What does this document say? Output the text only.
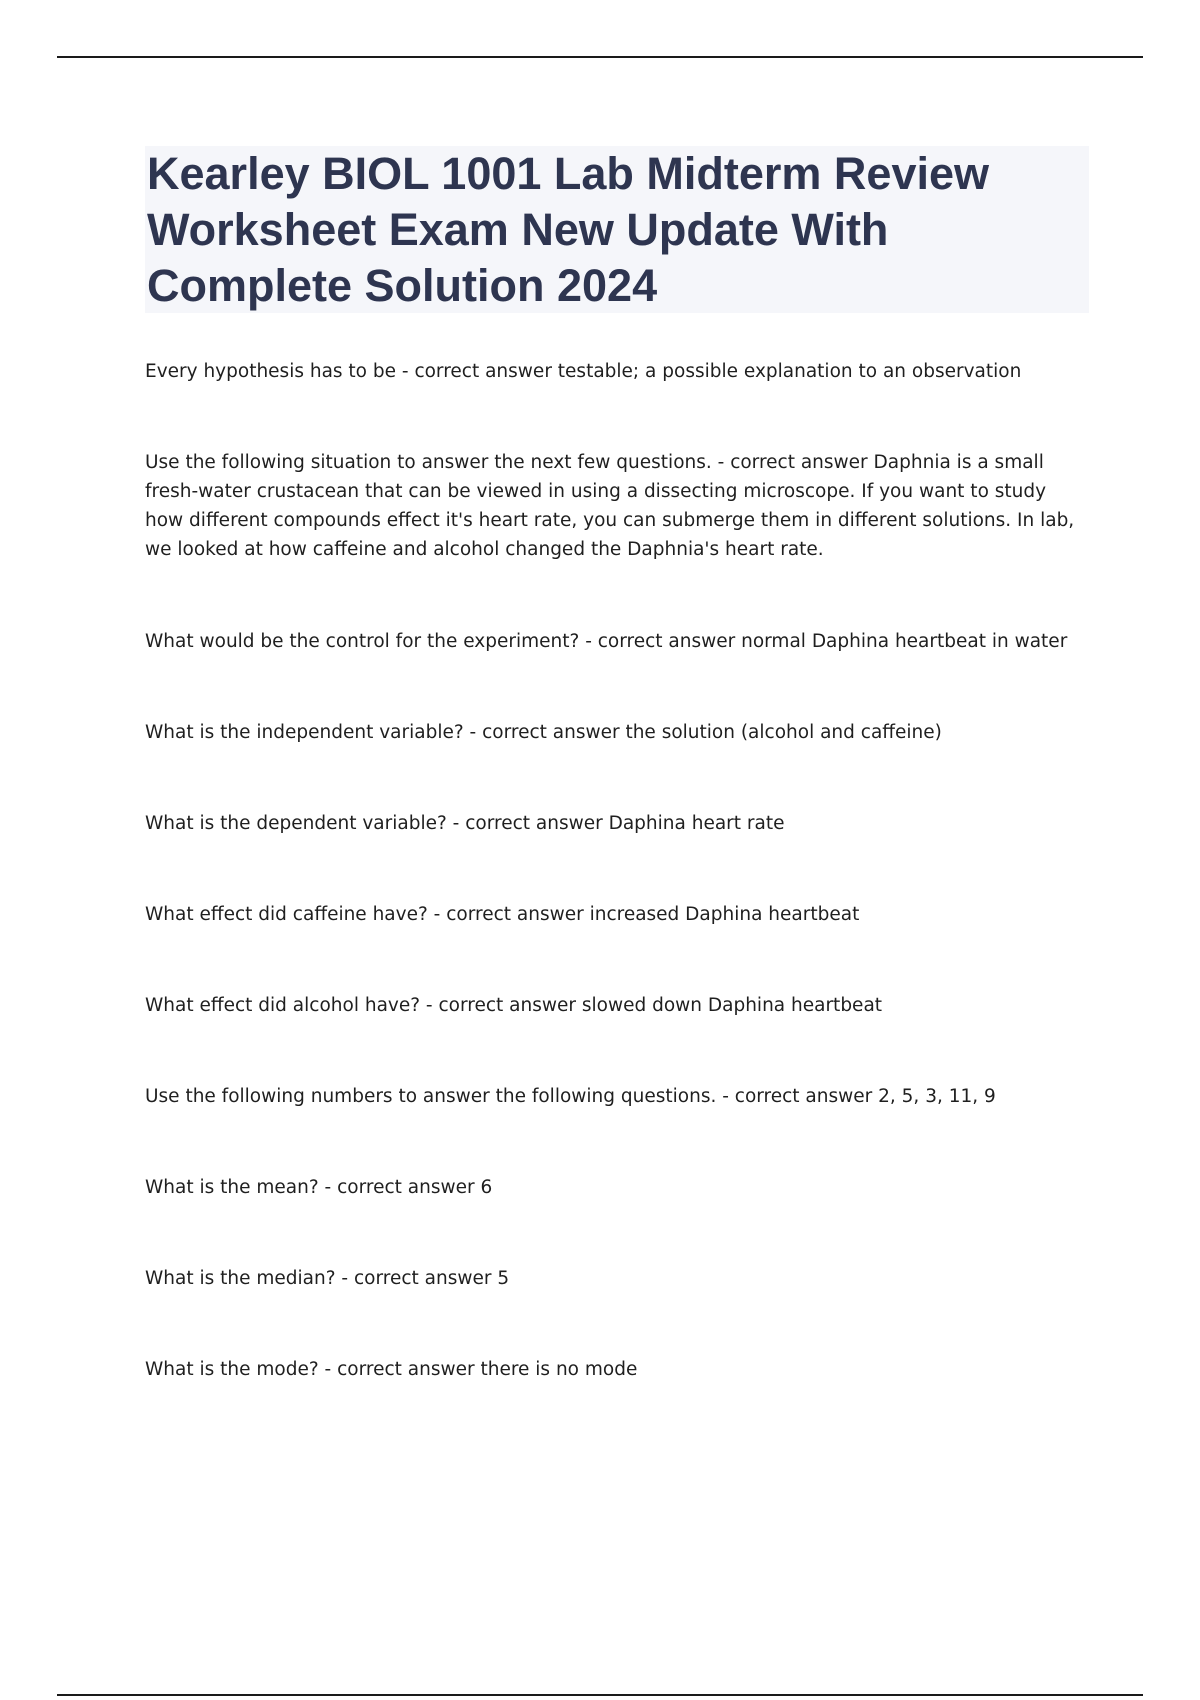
Kearley BIOL 1001 Lab Midterm Review Worksheet Exam New Update With Complete Solution 2024

Every hypothesis has to be - correct answer testable; a possible explanation to an observation

Use the following situation to answer the next few questions. - correct answer Daphnia is a small fresh-water crustacean that can be viewed in using a dissecting microscope. If you want to study how different compounds effect it's heart rate, you can submerge them in different solutions. In lab, we looked at how caffeine and alcohol changed the Daphnia's heart rate.

What would be the control for the experiment? - correct answer normal Daphina heartbeat in water

What is the independent variable? - correct answer the solution (alcohol and caffeine)

What is the dependent variable? - correct answer Daphina heart rate

What effect did caffeine have? - correct answer increased Daphina heartbeat

What effect did alcohol have? - correct answer slowed down Daphina heartbeat

Use the following numbers to answer the following questions. - correct answer 2, 5, 3, 11, 9

What is the mean? - correct answer 6

What is the median? - correct answer 5

What is the mode? - correct answer there is no mode
